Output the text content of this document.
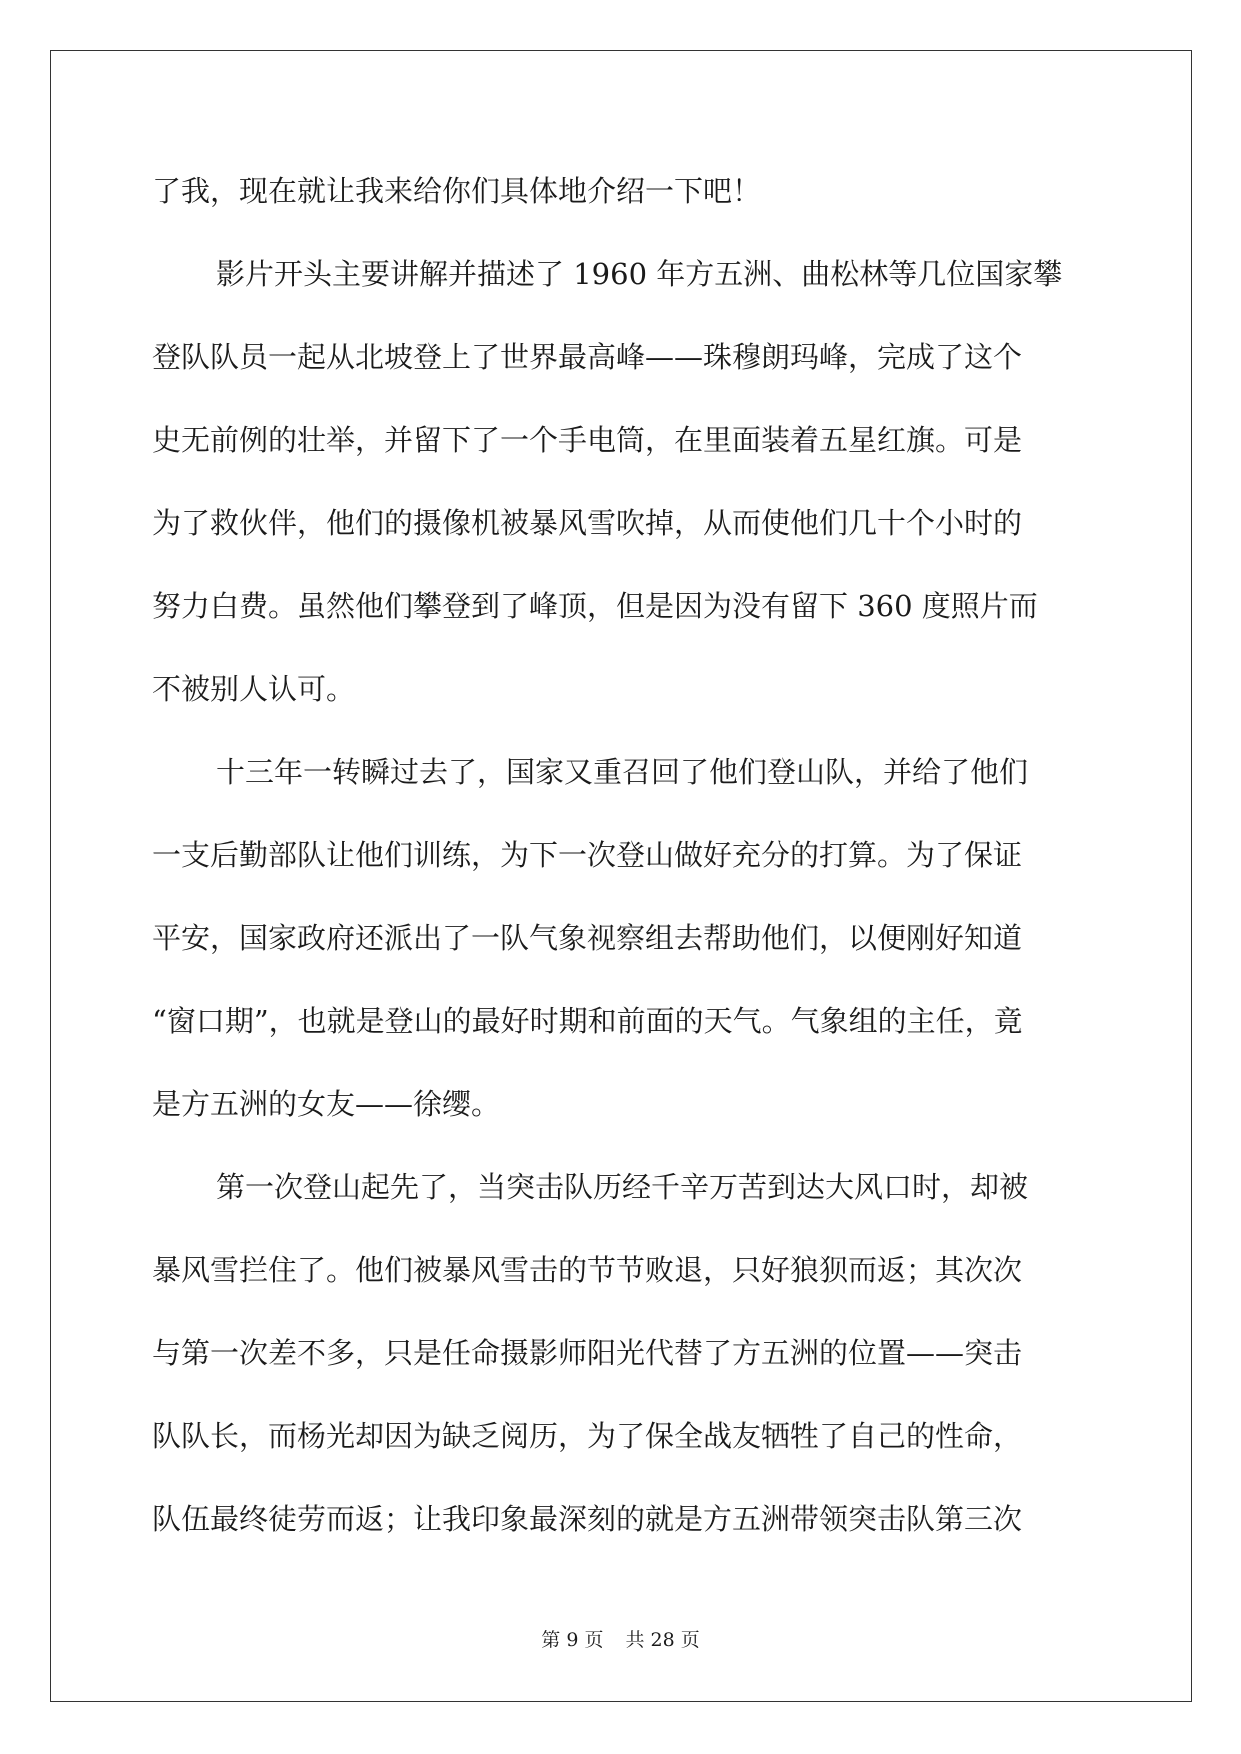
了我，现在就让我来给你们具体地介绍一下吧！
影片开头主要讲解并描述了 1960 年方五洲、曲松林等几位国家攀
登队队员一起从北坡登上了世界最高峰——珠穆朗玛峰，完成了这个
史无前例的壮举，并留下了一个手电筒，在里面装着五星红旗。可是
为了救伙伴，他们的摄像机被暴风雪吹掉，从而使他们几十个小时的
努力白费。虽然他们攀登到了峰顶，但是因为没有留下 360 度照片而
不被别人认可。
十三年一转瞬过去了，国家又重召回了他们登山队，并给了他们
一支后勤部队让他们训练，为下一次登山做好充分的打算。为了保证
平安，国家政府还派出了一队气象视察组去帮助他们，以便刚好知道
“窗口期”，也就是登山的最好时期和前面的天气。气象组的主任，竟
是方五洲的女友——徐缨。
第一次登山起先了，当突击队历经千辛万苦到达大风口时，却被
暴风雪拦住了。他们被暴风雪击的节节败退，只好狼狈而返；其次次
与第一次差不多，只是任命摄影师阳光代替了方五洲的位置——突击
队队长，而杨光却因为缺乏阅历，为了保全战友牺牲了自己的性命，
队伍最终徒劳而返；让我印象最深刻的就是方五洲带领突击队第三次
第 9 页 共 28 页
